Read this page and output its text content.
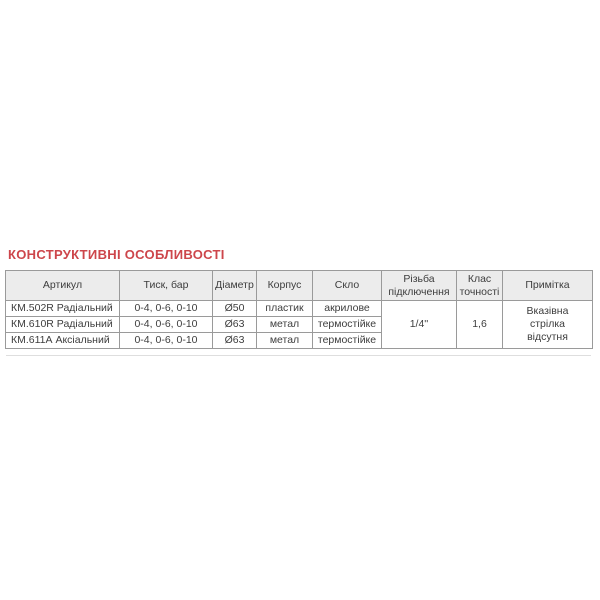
КОНСТРУКТИВНІ ОСОБЛИВОСТІ
Артикул	Тиск, бар	Діаметр	Корпус	Скло	Різьба підключення	Клас точності	Примітка
КМ.502R Радіальний	0-4, 0-6, 0-10	Ø50	пластик	акрилове	1/4''	1,6	Вказівна стрілка відсутня
КМ.610R Радіальний	0-4, 0-6, 0-10	Ø63	метал	термостійке			
КМ.611А Аксіальний	0-4, 0-6, 0-10	Ø63	метал	термостійке			
